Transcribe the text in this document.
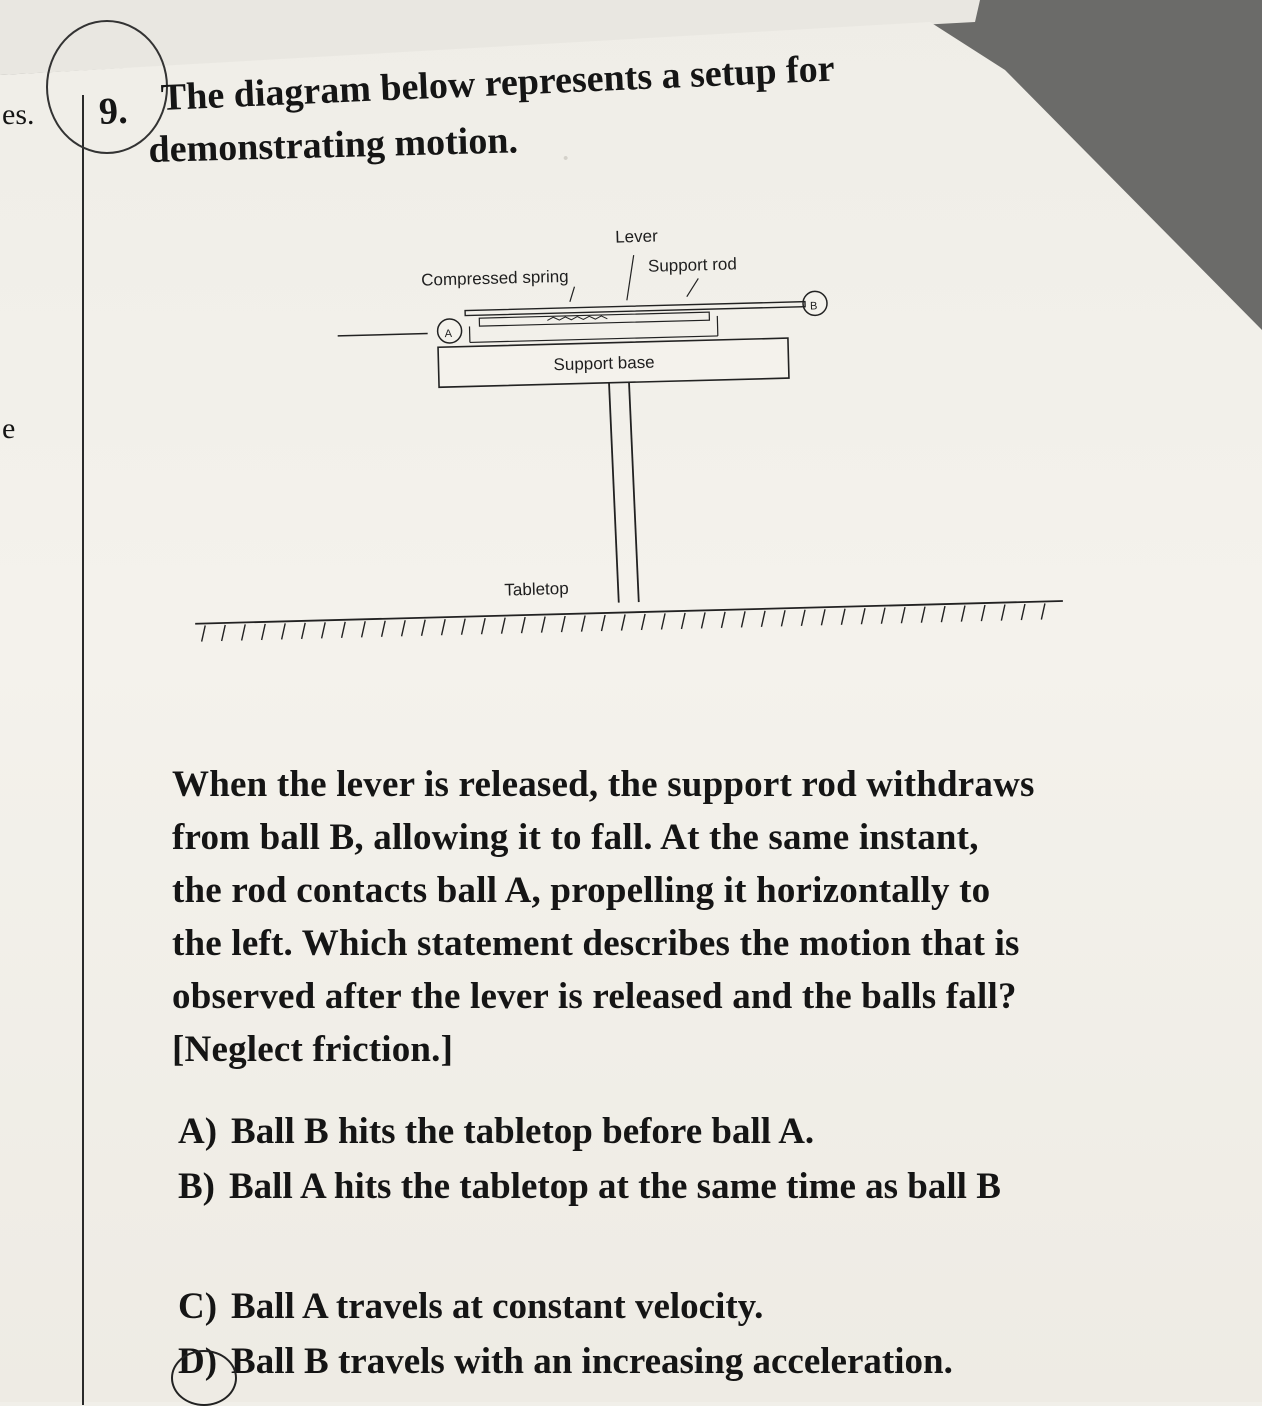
·
es.
e
9. The diagram below represents a setup for
demonstrating motion.
Lever
Compressed spring
Support rod
A
B
Support base
Tabletop
When the lever is released, the support rod withdraws
from ball B, allowing it to fall. At the same instant,
the rod contacts ball A, propelling it horizontally to
the left. Which statement describes the motion that is
observed after the lever is released and the balls fall?
[Neglect friction.]
A) Ball B hits the tabletop before ball A.
B) Ball A hits the tabletop at the same time as ball B
C) Ball A travels at constant velocity.
D) Ball B travels with an increasing acceleration.
